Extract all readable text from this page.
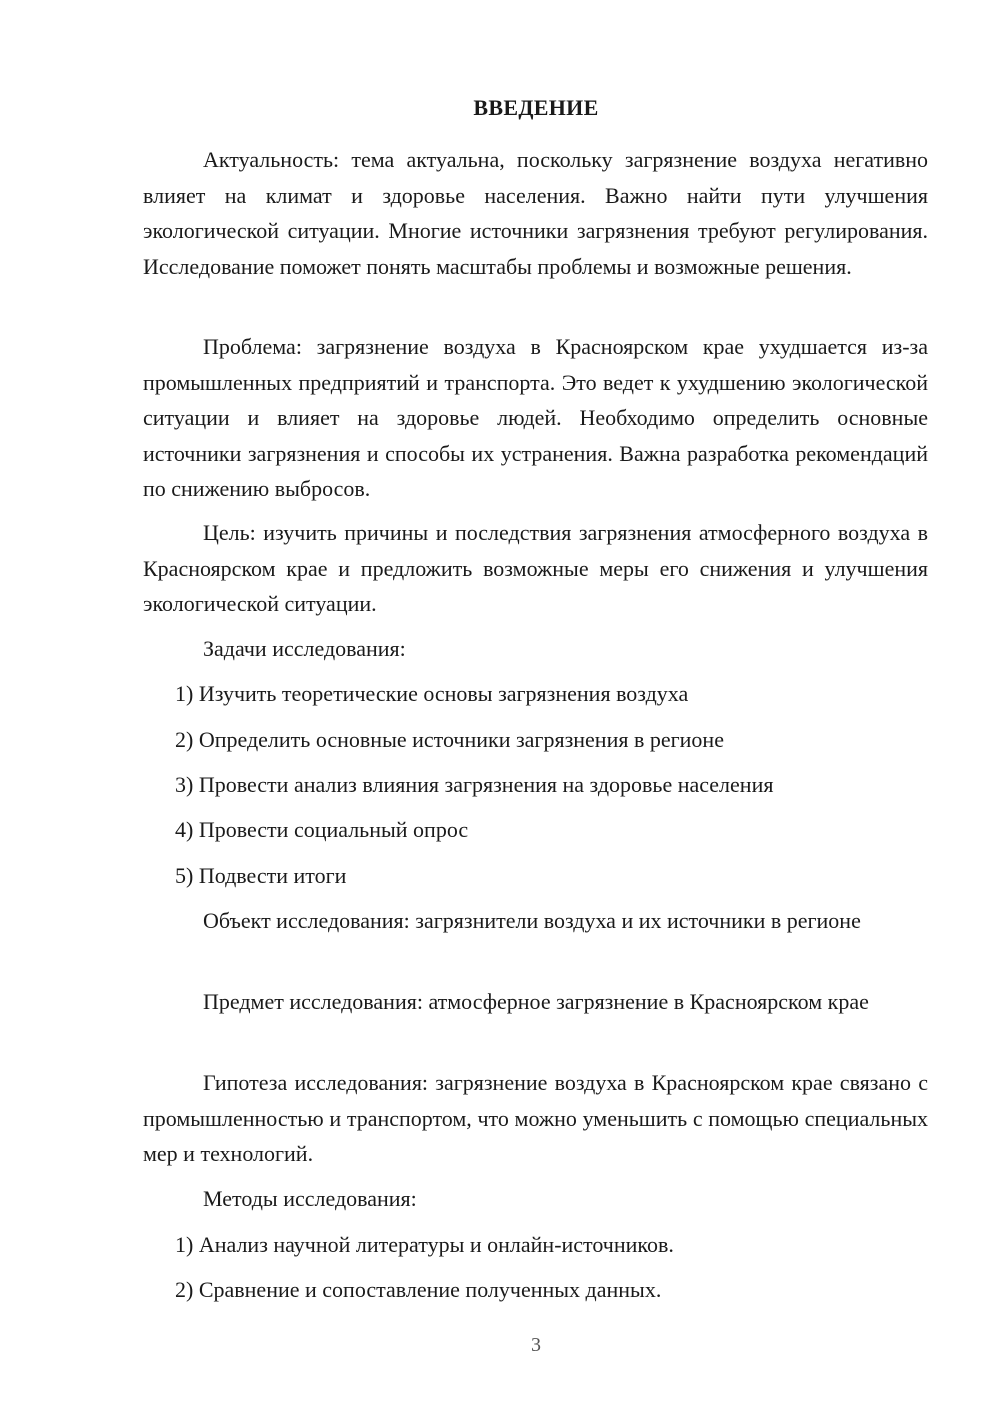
ВВЕДЕНИЕ

Актуальность: тема актуальна, поскольку загрязнение воздуха негативно влияет на климат и здоровье населения. Важно найти пути улучшения экологической ситуации. Многие источники загрязнения требуют регулирования. Исследование поможет понять масштабы проблемы и возможные решения.

Проблема: загрязнение воздуха в Красноярском крае ухудшается из-за промышленных предприятий и транспорта. Это ведет к ухудшению экологической ситуации и влияет на здоровье людей. Необходимо определить основные источники загрязнения и способы их устранения. Важна разработка рекомендаций по снижению выбросов.

Цель: изучить причины и последствия загрязнения атмосферного воздуха в Красноярском крае и предложить возможные меры его снижения и улучшения экологической ситуации.

Задачи исследования:

1) Изучить теоретические основы загрязнения воздуха

2) Определить основные источники загрязнения в регионе

3) Провести анализ влияния загрязнения на здоровье населения

4) Провести социальный опрос

5) Подвести итоги

Объект исследования: загрязнители воздуха и их источники в регионе

Предмет исследования: атмосферное загрязнение в Красноярском крае

Гипотеза исследования: загрязнение воздуха в Красноярском крае связано с промышленностью и транспортом, что можно уменьшить с помощью специальных мер и технологий.

Методы исследования:

1) Анализ научной литературы и онлайн-источников.

2) Сравнение и сопоставление полученных данных.

3
